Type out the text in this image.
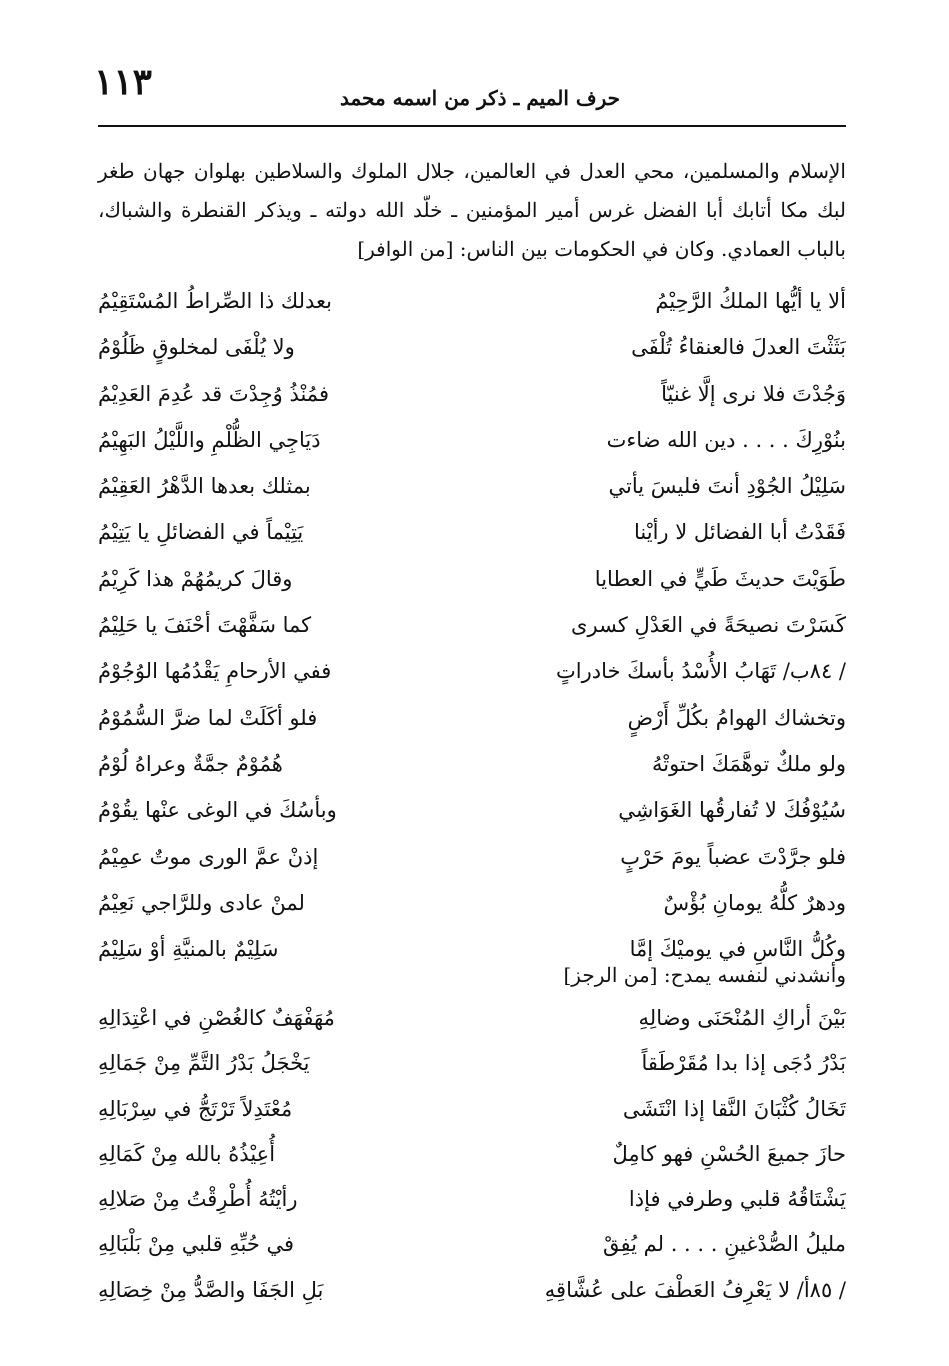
١١٣	حرف الميم ـ ذكر من اسمه محمد

الإسلام والمسلمين، محي العدل في العالمين، جلال الملوك والسلاطين بهلوان جهان طغر لبك مكا أتابك أبا الفضل غرس أمير المؤمنين ـ خلّد الله دولته ـ ويذكر القنطرة والشباك، بالباب العمادي. وكان في الحكومات بين الناس: [من الوافر]

ألا يا أيُّها الملكُ الرَّحِيْمُ
بعدلك ذا الصِّراطُ المُسْتَقِيْمُ
بَثَثْتَ العدلَ فالعنقاءُ تُلْفَى
ولا يُلْفَى لمخلوقٍ ظَلُوْمُ
وَجُدْتَ فلا نرى إلَّا غنيّاً
فمُنْذُ وُجِدْتَ قد عُدِمَ العَدِيْمُ
بنُوْرِكَ . . . . دين الله ضاءت
دَيَاجِي الظُّلْمِ واللَّيْلُ البَهِيْمُ
سَلِيْلُ الجُوْدِ أنتَ فليسَ يأتي
بمثلك بعدها الدَّهْرُ العَقِيْمُ
فَقَدْتُ أبا الفضائل لا رأيْنا
يَتِيْماً في الفضائلِ يا يَتِيْمُ
طَوَيْتَ حديثَ طَيٍّ في العطايا
وقالَ كريمُهُمْ هذا كَرِيْمُ
كَسَرْتَ نصيحَةً في العَدْلِ كسرى
كما سَفَّهْتَ أحْنَفَ يا حَلِيْمُ
/ ٨٤ب/ تَهَابُ الأُسْدُ بأسكَ خادراتٍ
ففي الأرحامِ يَقْدُمُها الوُجُوْمُ
وتخشاك الهوامُ بكُلِّ أَرْضٍ
فلو أكَلَتْ لما ضرَّ السُّمُوْمُ
ولو ملكٌ توهَّمَكَ احتوتْهُ
هُمُوْمٌ جمَّةٌ وعراهُ لُوْمُ
سُيُوْفُكَ لا تُفارقُها الغَوَاشِي
وبأسُكَ في الوغى عنْها يقُوْمُ
فلو جرَّدْتَ عضباً يومَ حَرْبٍ
إذنْ عمَّ الورى موتٌ عمِيْمُ
ودهرٌ كلُّهُ يومانِ بُؤْسٌ
لمنْ عادى وللرَّاجي نَعِيْمُ
وكُلُّ النَّاسِ في يوميْكَ إمَّا
سَلِيْمٌ بالمنيَّةِ أوْ سَلِيْمُ
وأنشدني لنفسه يمدح: [من الرجز]
بَيْنَ أراكِ المُنْحَنَى وضالِهِ
مُهَفْهَفٌ كالغُصْنِ في اعْتِدَالِهِ
بَدْرُ دُجَى إذا بدا مُقَرْطَقاً
يَخْجَلُ بَدْرُ التَّمِّ مِنْ جَمَالِهِ
تَخَالُ كُثْبَانَ النَّقا إذا انْتَشَى
مُعْتَدِلاً تَرْتَجُّ في سِرْبَالِهِ
حازَ جميعَ الحُسْنِ فهو كامِلٌ
أُعِيْذُهُ بالله مِنْ كَمَالِهِ
يَشْتَاقُهُ قلبي وطرفي فإذا
رأيْتُهُ أُطْرِقْتُ مِنْ صَلالِهِ
مليلُ الصُّدْغينِ . . . . لم يُفِقْ
في حُبِّهِ قلبي مِنْ بَلْبَالِهِ
/ ٨٥أ/ لا يَعْرِفُ العَطْفَ على عُشَّاقِهِ
بَلِ الجَفَا والصَّدُّ مِنْ خِصَالِهِ
